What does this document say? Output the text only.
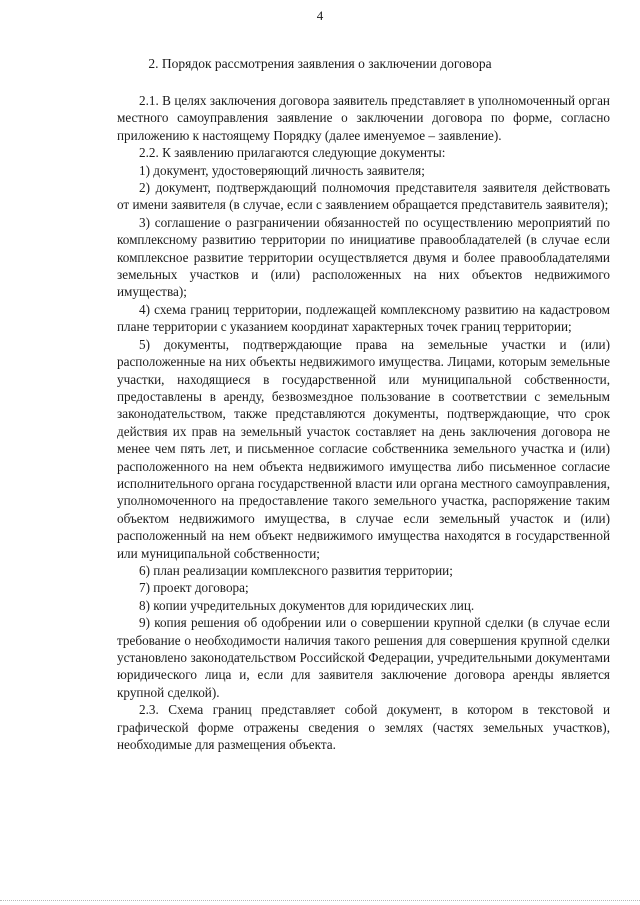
4
2. Порядок рассмотрения заявления о заключении договора

2.1. В целях заключения договора заявитель представляет в уполномоченный орган местного самоуправления заявление о заключении договора по форме, согласно приложению к настоящему Порядку (далее именуемое – заявление).

2.2. К заявлению прилагаются следующие документы:

1) документ, удостоверяющий личность заявителя;

2) документ, подтверждающий полномочия представителя заявителя действовать от имени заявителя (в случае, если с заявлением обращается представитель заявителя);

3) соглашение о разграничении обязанностей по осуществлению мероприятий по комплексному развитию территории по инициативе правообладателей (в случае если комплексное развитие территории осуществляется двумя и более правообладателями земельных участков и (или) расположенных на них объектов недвижимого имущества);

4) схема границ территории, подлежащей комплексному развитию на кадастровом плане территории с указанием координат характерных точек границ территории;

5) документы, подтверждающие права на земельные участки и (или) расположенные на них объекты недвижимого имущества. Лицами, которым земельные участки, находящиеся в государственной или муниципальной собственности, предоставлены в аренду, безвозмездное пользование в соответствии с земельным законодательством, также представляются документы, подтверждающие, что срок действия их прав на земельный участок составляет на день заключения договора не менее чем пять лет, и письменное согласие собственника земельного участка и (или) расположенного на нем объекта недвижимого имущества либо письменное согласие исполнительного органа государственной власти или органа местного самоуправления, уполномоченного на предоставление такого земельного участка, распоряжение таким объектом недвижимого имущества, в случае если земельный участок и (или) расположенный на нем объект недвижимого имущества находятся в государственной или муниципальной собственности;

6) план реализации комплексного развития территории;

7) проект договора;

8) копии учредительных документов для юридических лиц.

9) копия решения об одобрении или о совершении крупной сделки (в случае если требование о необходимости наличия такого решения для совершения крупной сделки установлено законодательством Российской Федерации, учредительными документами юридического лица и, если для заявителя заключение договора аренды является крупной сделкой).

2.3. Схема границ представляет собой документ, в котором в текстовой и графической форме отражены сведения о землях (частях земельных участков), необходимые для размещения объекта.
